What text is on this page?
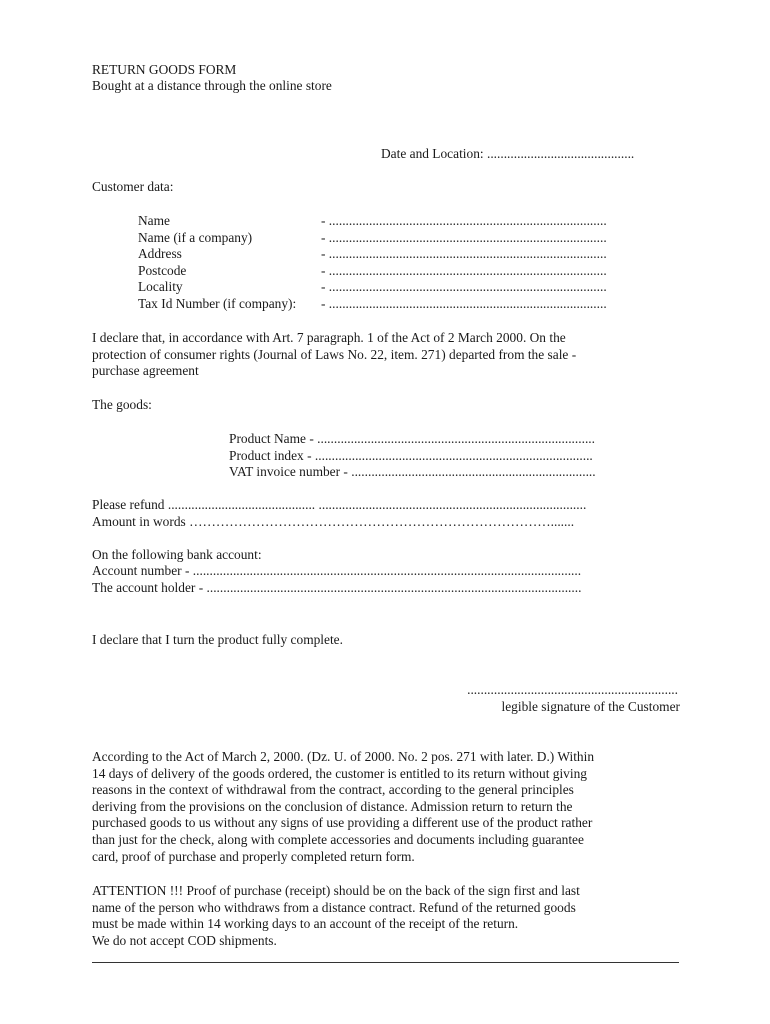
RETURN GOODS FORM
Bought at a distance through the online store
Date and Location: ............................................
Customer data:
Name
Name (if a company)
Address
Postcode
Locality
Tax Id Number (if company):
- ...................................................................................
- ...................................................................................
- ...................................................................................
- ...................................................................................
- ...................................................................................
- ...................................................................................
I declare that, in accordance with Art. 7 paragraph. 1 of the Act of 2 March 2000. On the
protection of consumer rights (Journal of Laws No. 22, item. 271) departed from the sale -
purchase agreement
The goods:
Product Name - ...................................................................................
Product index - ...................................................................................
VAT invoice number - .........................................................................
Please refund ............................................ ................................................................................
Amount in words ……………………………………………………………………….......
On the following bank account:
Account number - ....................................................................................................................
The account holder - ................................................................................................................
I declare that I turn the product fully complete.
...............................................................
legible signature of the Customer
According to the Act of March 2, 2000. (Dz. U. of 2000. No. 2 pos. 271 with later. D.) Within
14 days of delivery of the goods ordered, the customer is entitled to its return without giving
reasons in the context of withdrawal from the contract, according to the general principles
deriving from the provisions on the conclusion of distance. Admission return to return the
purchased goods to us without any signs of use providing a different use of the product rather
than just for the check, along with complete accessories and documents including guarantee
card, proof of purchase and properly completed return form.
ATTENTION !!! Proof of purchase (receipt) should be on the back of the sign first and last
name of the person who withdraws from a distance contract. Refund of the returned goods
must be made within 14 working days to an account of the receipt of the return.
We do not accept COD shipments.
